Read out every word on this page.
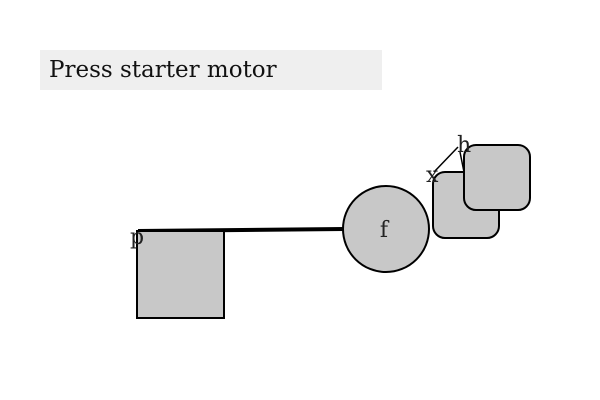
Press starter motor
p	f
x
h
